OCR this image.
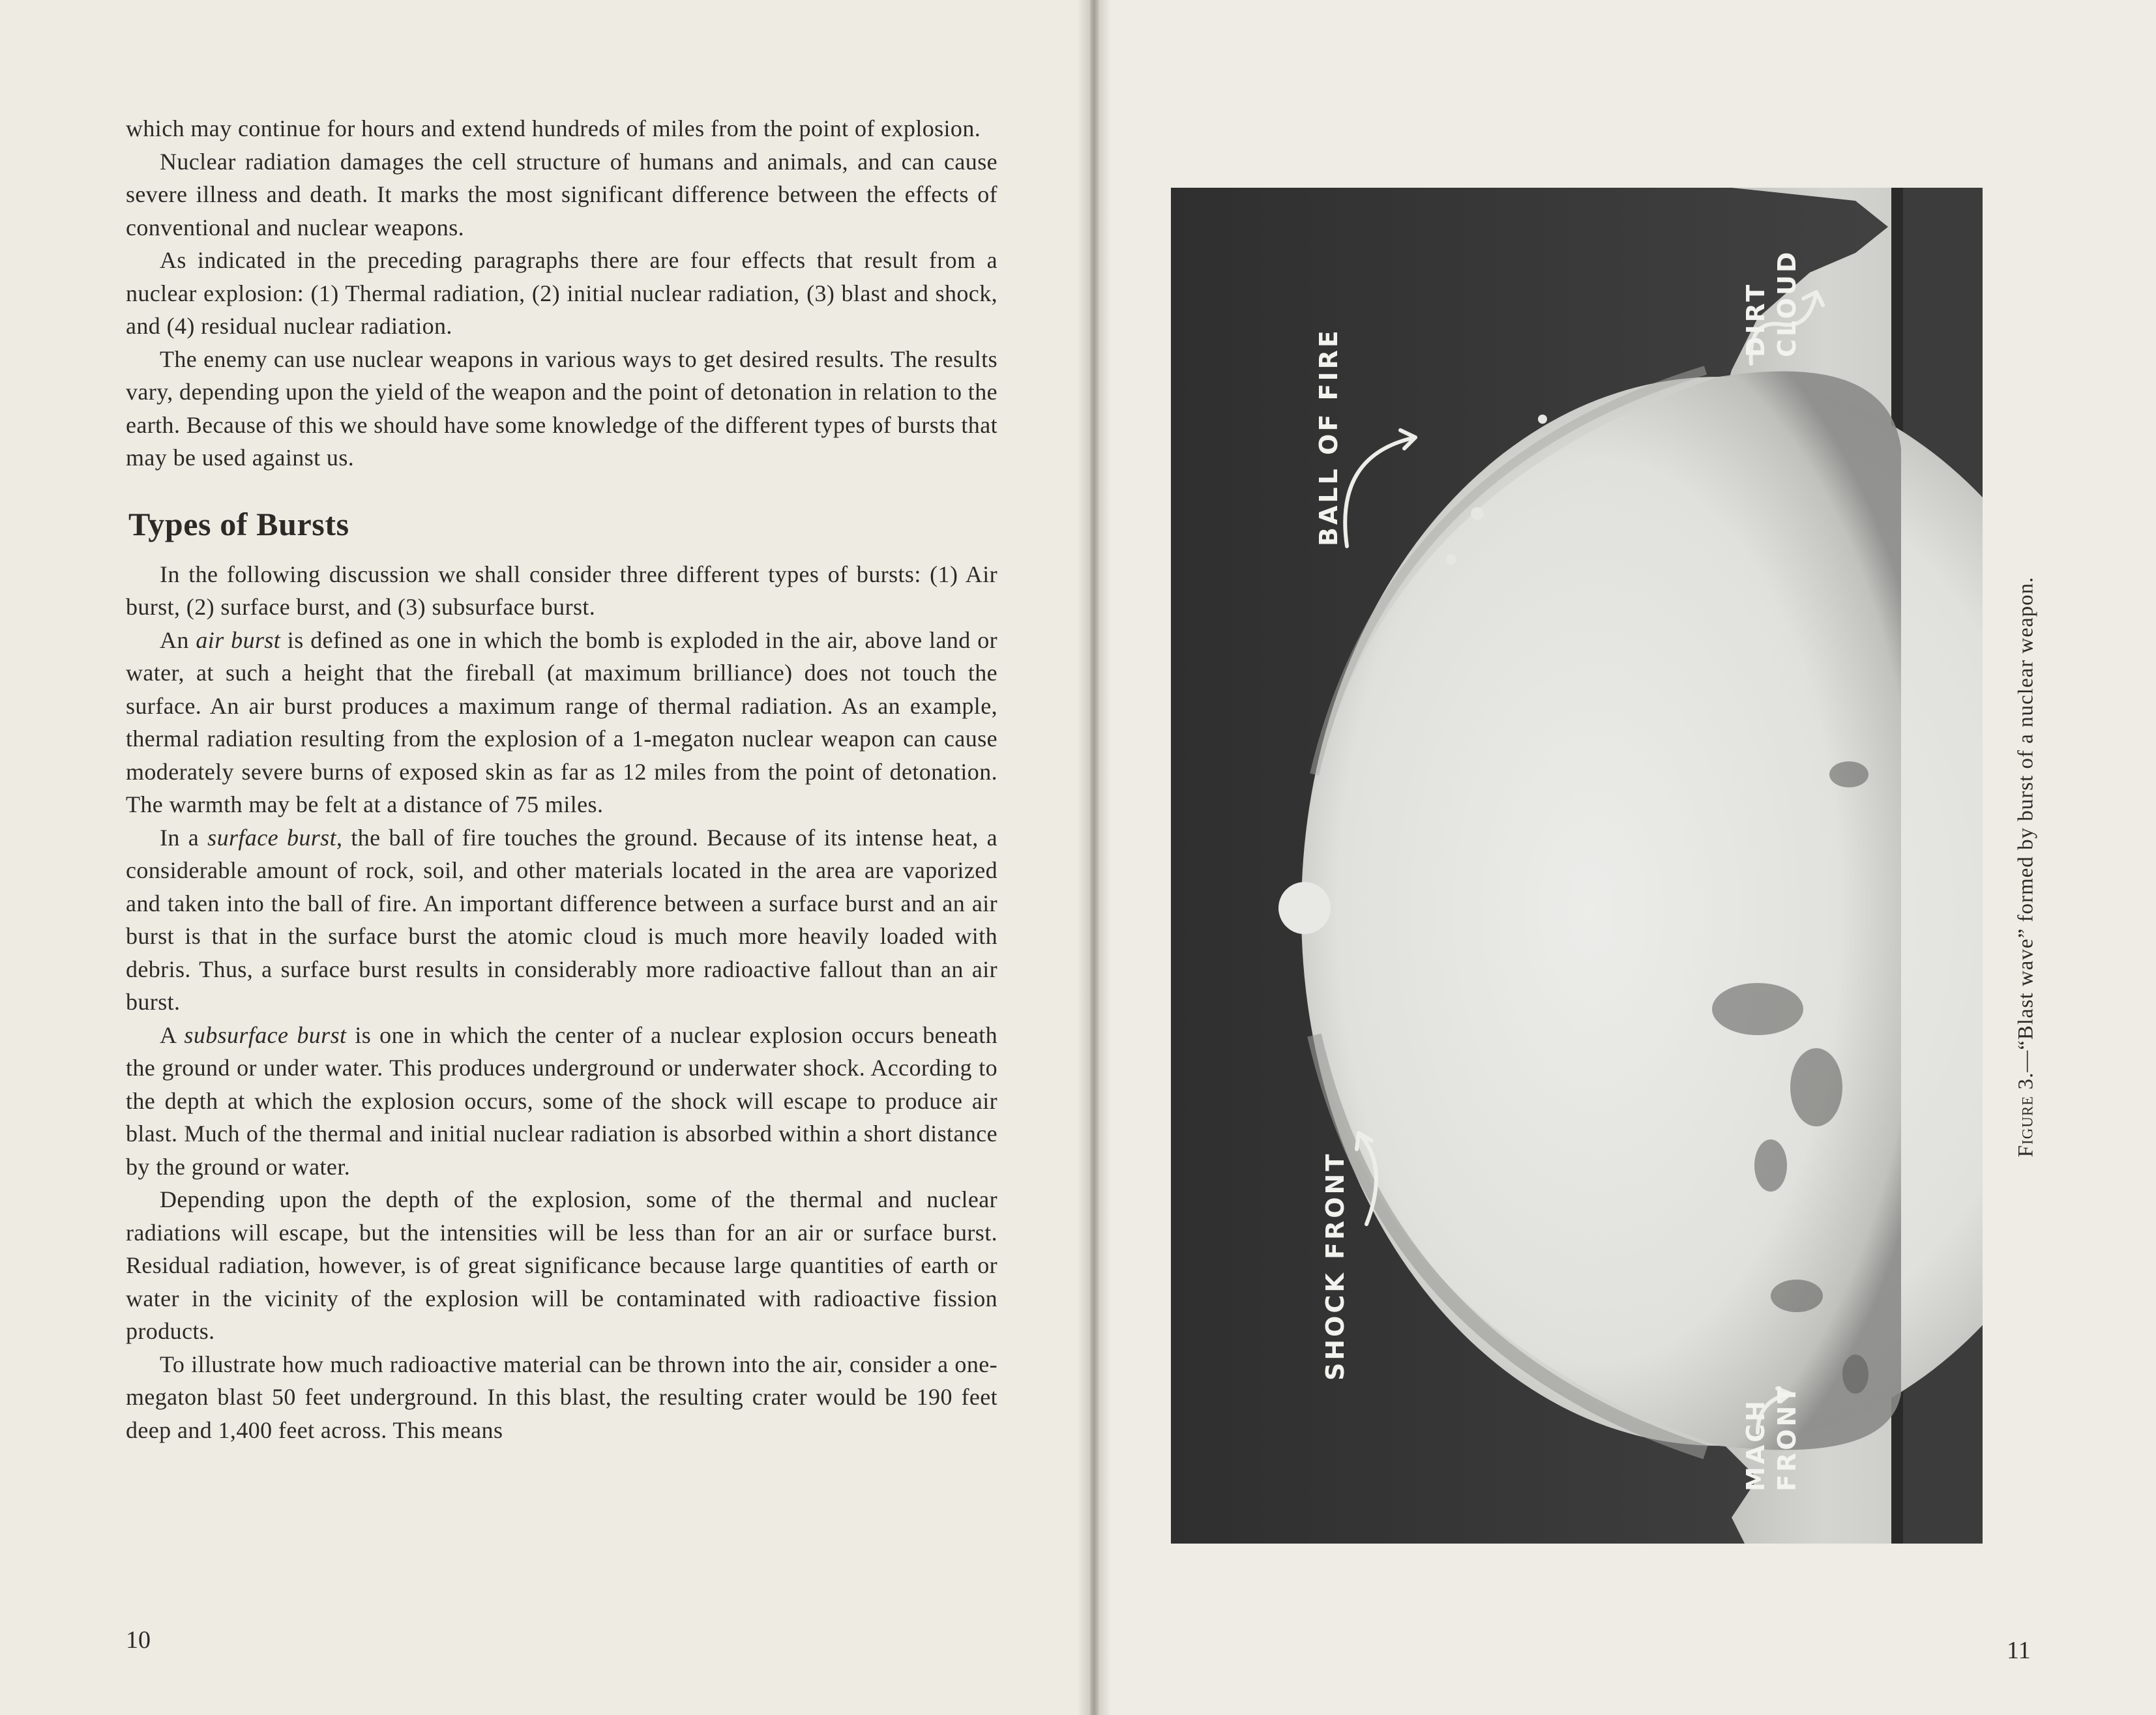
which may continue for hours and extend hundreds of miles from the point of explosion.

Nuclear radiation damages the cell structure of humans and animals, and can cause severe illness and death. It marks the most significant difference between the effects of conventional and nuclear weapons.

As indicated in the preceding paragraphs there are four effects that result from a nuclear explosion: (1) Thermal radiation, (2) initial nuclear radiation, (3) blast and shock, and (4) residual nuclear radiation.

The enemy can use nuclear weapons in various ways to get desired results. The results vary, depending upon the yield of the weapon and the point of detonation in relation to the earth. Because of this we should have some knowledge of the different types of bursts that may be used against us.

Types of Bursts

In the following discussion we shall consider three different types of bursts: (1) Air burst, (2) surface burst, and (3) subsurface burst.

An air burst is defined as one in which the bomb is exploded in the air, above land or water, at such a height that the fireball (at maximum brilliance) does not touch the surface. An air burst produces a maximum range of thermal radiation. As an example, thermal radiation resulting from the explosion of a 1-megaton nuclear weapon can cause moderately severe burns of exposed skin as far as 12 miles from the point of detonation. The warmth may be felt at a distance of 75 miles.

In a surface burst, the ball of fire touches the ground. Because of its intense heat, a considerable amount of rock, soil, and other materials located in the area are vaporized and taken into the ball of fire. An important difference between a surface burst and an air burst is that in the surface burst the atomic cloud is much more heavily loaded with debris. Thus, a surface burst results in considerably more radioactive fallout than an air burst.

A subsurface burst is one in which the center of a nuclear explosion occurs beneath the ground or under water. This produces underground or underwater shock. According to the depth at which the explosion occurs, some of the shock will escape to produce air blast. Much of the thermal and initial nuclear radiation is absorbed within a short distance by the ground or water.

Depending upon the depth of the explosion, some of the thermal and nuclear radiations will escape, but the intensities will be less than for an air or surface burst. Residual radiation, however, is of great significance because large quantities of earth or water in the vicinity of the explosion will be contaminated with radioactive fission products.

To illustrate how much radioactive material can be thrown into the air, consider a one-megaton blast 50 feet underground. In this blast, the resulting crater would be 190 feet deep and 1,400 feet across. This means

10
DIRT CLOUD
BALL OF FIRE
SHOCK FRONT
MACH FRONT
Figure 3.—“Blast wave” formed by burst of a nuclear weapon.
11
